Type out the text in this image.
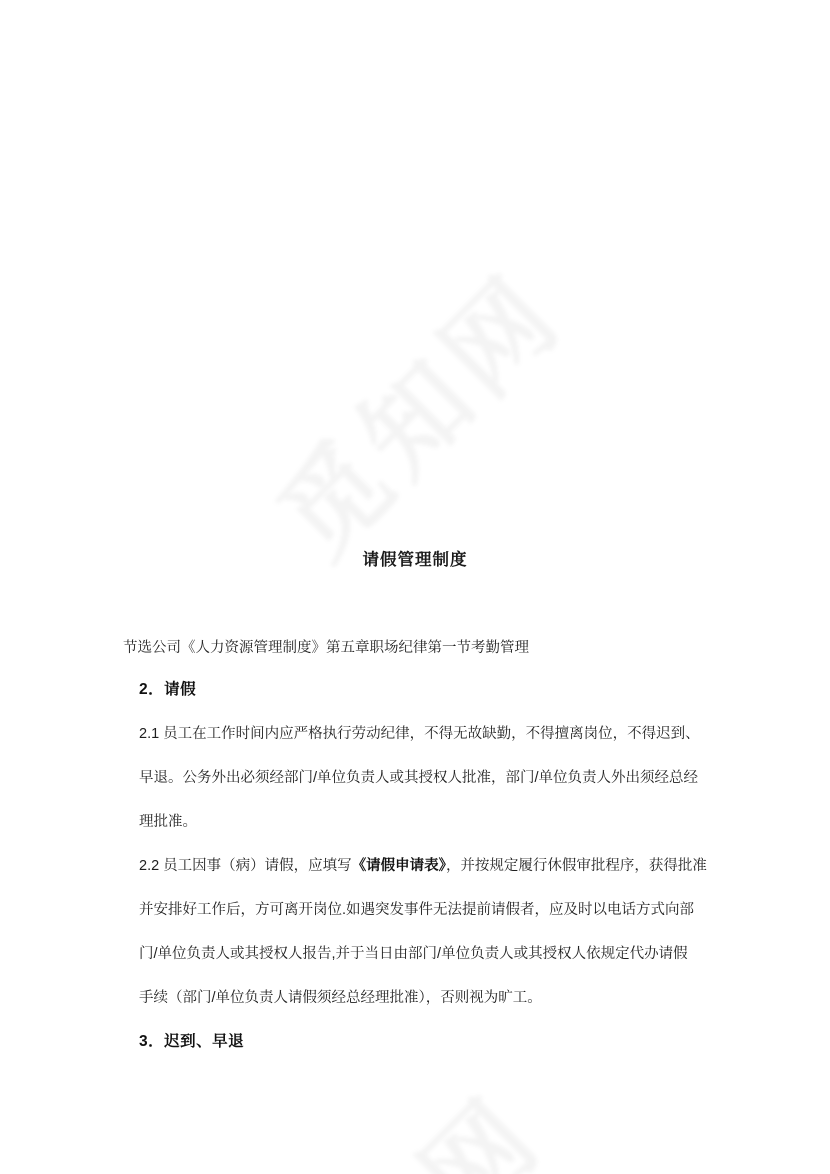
请假管理制度
节选公司《人力资源管理制度》第五章职场纪律第一节考勤管理
2．请假
2.1 员工在工作时间内应严格执行劳动纪律，不得无故缺勤，不得擅离岗位，不得迟到、
早退。公务外出必须经部门/单位负责人或其授权人批准，部门/单位负责人外出须经总经
理批准。
2.2 员工因事（病）请假，应填写《请假申请表》，并按规定履行休假审批程序，获得批准
并安排好工作后，方可离开岗位.如遇突发事件无法提前请假者，应及时以电话方式向部
门/单位负责人或其授权人报告,并于当日由部门/单位负责人或其授权人依规定代办请假
手续（部门/单位负责人请假须经总经理批准），否则视为旷工。
3．迟到、早退
